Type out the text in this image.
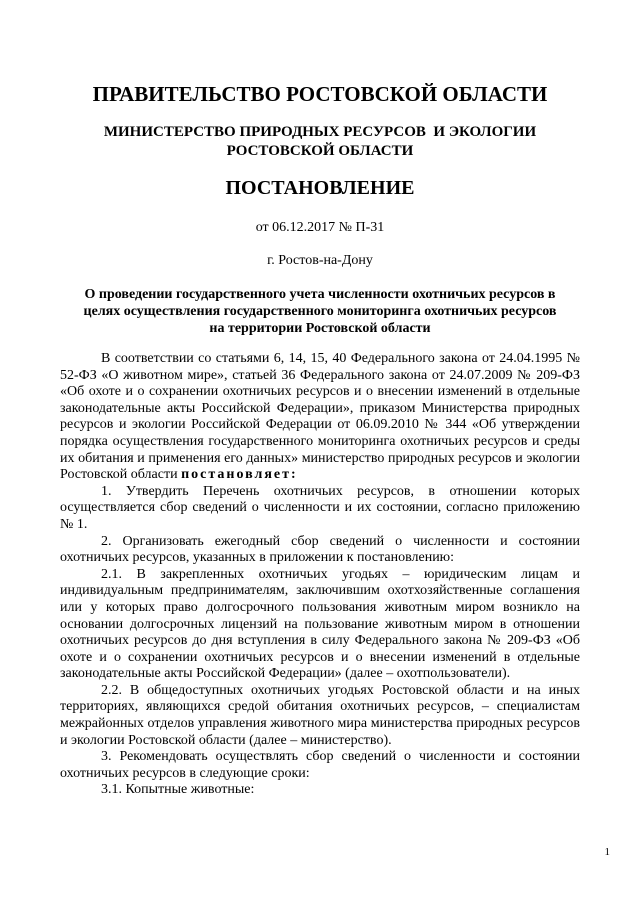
ПРАВИТЕЛЬСТВО РОСТОВСКОЙ ОБЛАСТИ
МИНИСТЕРСТВО ПРИРОДНЫХ РЕСУРСОВ  И ЭКОЛОГИИ
РОСТОВСКОЙ ОБЛАСТИ
ПОСТАНОВЛЕНИЕ
от 06.12.2017 № П-31
г. Ростов-на-Дону
О проведении государственного учета численности охотничьих ресурсов в
целях осуществления государственного мониторинга охотничьих ресурсов
на территории Ростовской области

В соответствии со статьями 6, 14, 15, 40 Федерального закона от 24.04.1995 № 52-ФЗ «О животном мире», статьей 36 Федерального закона от 24.07.2009 № 209-ФЗ «Об охоте и о сохранении охотничьих ресурсов и о внесении изменений в отдельные законодательные акты Российской Федерации», приказом Министерства природных ресурсов и экологии Российской Федерации от 06.09.2010 № 344 «Об утверждении порядка осуществления государственного мониторинга охотничьих ресурсов и среды их обитания и применения его данных» министерство природных ресурсов и экологии Ростовской области постановляет:

1. Утвердить Перечень охотничьих ресурсов, в отношении которых осуществляется сбор сведений о численности и их состоянии, согласно приложению № 1.

2. Организовать ежегодный сбор сведений о численности и состоянии охотничьих ресурсов, указанных в приложении к постановлению:

2.1. В закрепленных охотничьих угодьях – юридическим лицам и индивидуальным предпринимателям, заключившим охотхозяйственные соглашения или у которых право долгосрочного пользования животным миром возникло на основании долгосрочных лицензий на пользование животным миром в отношении охотничьих ресурсов до дня вступления в силу Федерального закона № 209-ФЗ «Об охоте и о сохранении охотничьих ресурсов и о внесении изменений в отдельные законодательные акты Российской Федерации» (далее – охотпользователи).

2.2. В общедоступных охотничьих угодьях Ростовской области и на иных территориях, являющихся средой обитания охотничьих ресурсов, – специалистам межрайонных отделов управления животного мира министерства природных ресурсов и экологии Ростовской области (далее – министерство).

3. Рекомендовать осуществлять сбор сведений о численности и состоянии охотничьих ресурсов в следующие сроки:

3.1. Копытные животные:

1
